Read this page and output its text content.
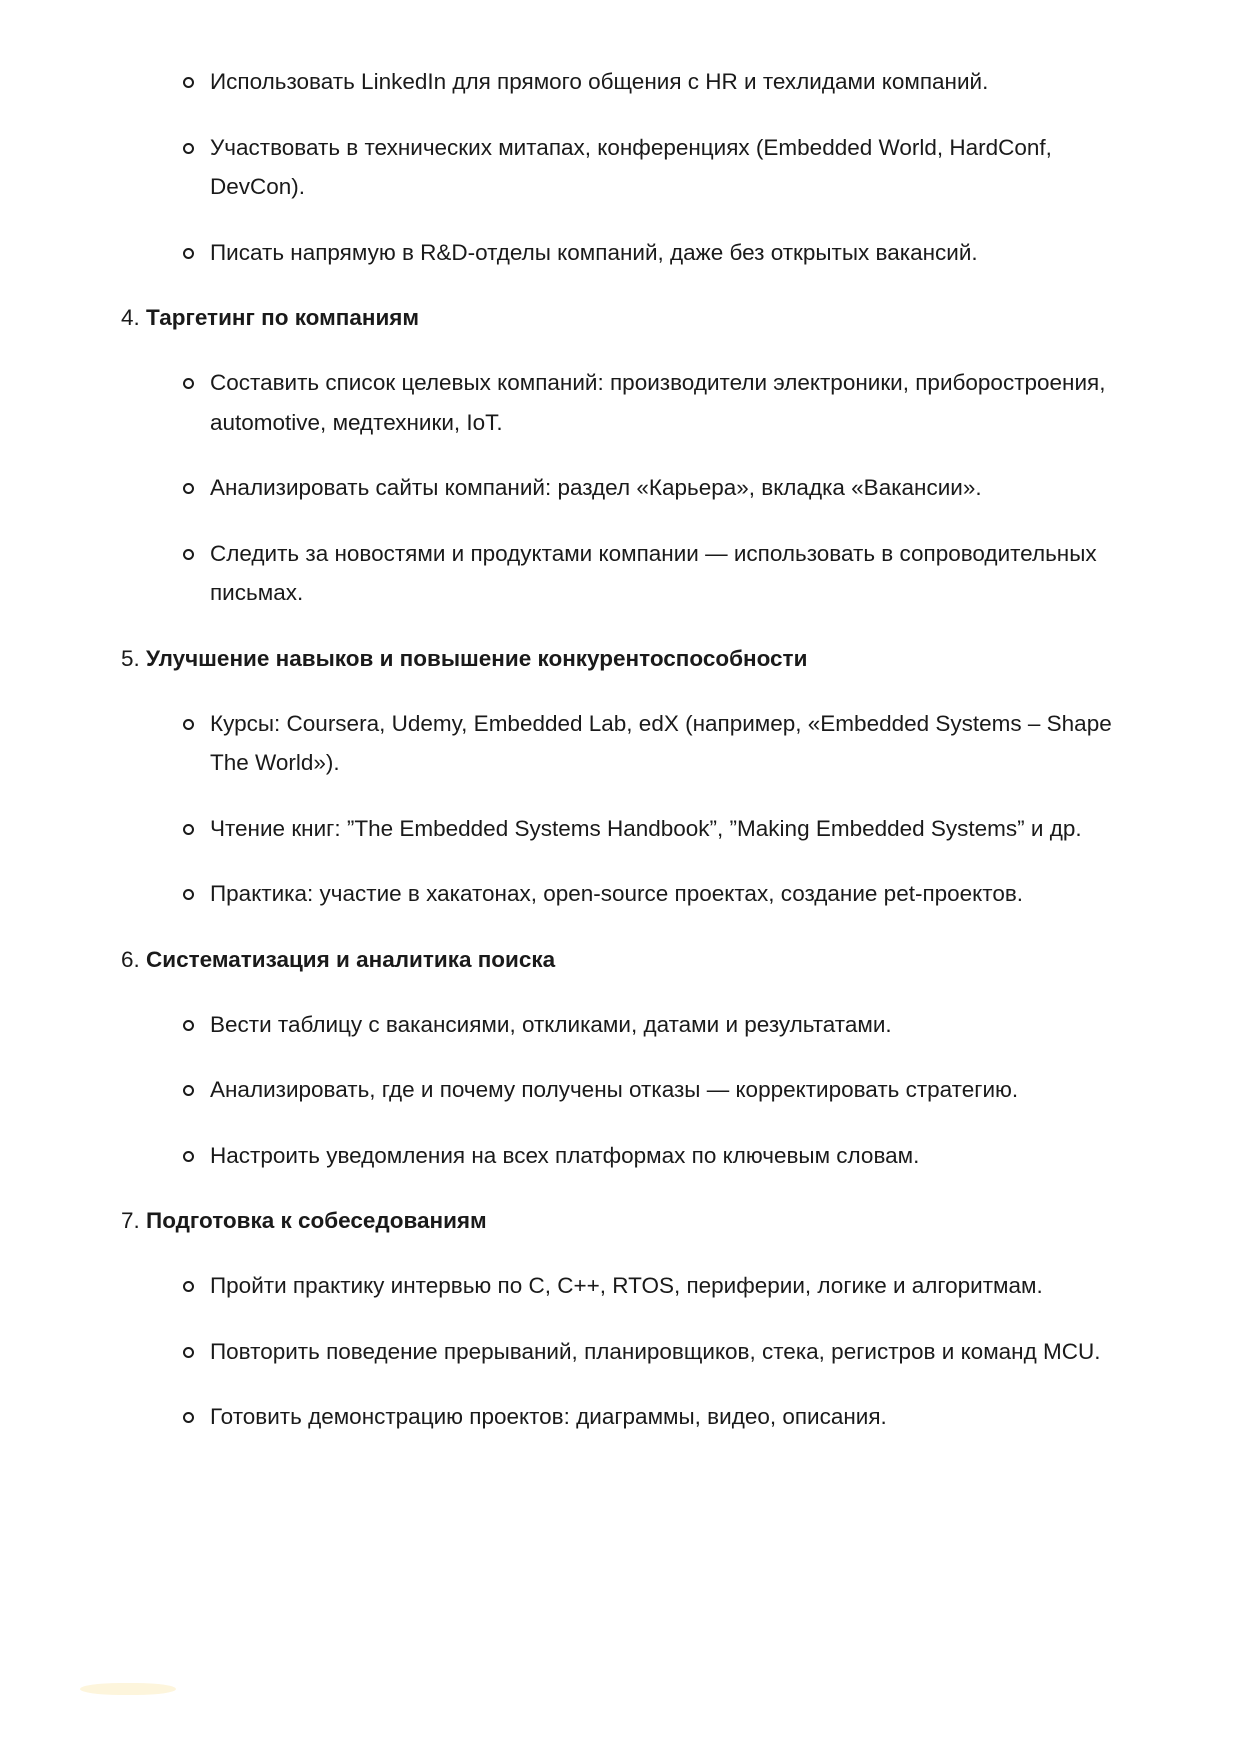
Использовать LinkedIn для прямого общения с HR и техлидами компаний.
Участвовать в технических митапах, конференциях (Embedded World, HardConf, DevCon).
Писать напрямую в R&D-отделы компаний, даже без открытых вакансий.
4. Таргетинг по компаниям
Составить список целевых компаний: производители электроники, приборостроения, automotive, медтехники, IoT.
Анализировать сайты компаний: раздел «Карьера», вкладка «Вакансии».
Следить за новостями и продуктами компании — использовать в сопроводительных письмах.
5. Улучшение навыков и повышение конкурентоспособности
Курсы: Coursera, Udemy, Embedded Lab, edX (например, «Embedded Systems – Shape The World»).
Чтение книг: ”The Embedded Systems Handbook”, ”Making Embedded Systems” и др.
Практика: участие в хакатонах, open-source проектах, создание pet-проектов.
6. Систематизация и аналитика поиска
Вести таблицу с вакансиями, откликами, датами и результатами.
Анализировать, где и почему получены отказы — корректировать стратегию.
Настроить уведомления на всех платформах по ключевым словам.
7. Подготовка к собеседованиям
Пройти практику интервью по C, C++, RTOS, периферии, логике и алгоритмам.
Повторить поведение прерываний, планировщиков, стека, регистров и команд MCU.
Готовить демонстрацию проектов: диаграммы, видео, описания.
